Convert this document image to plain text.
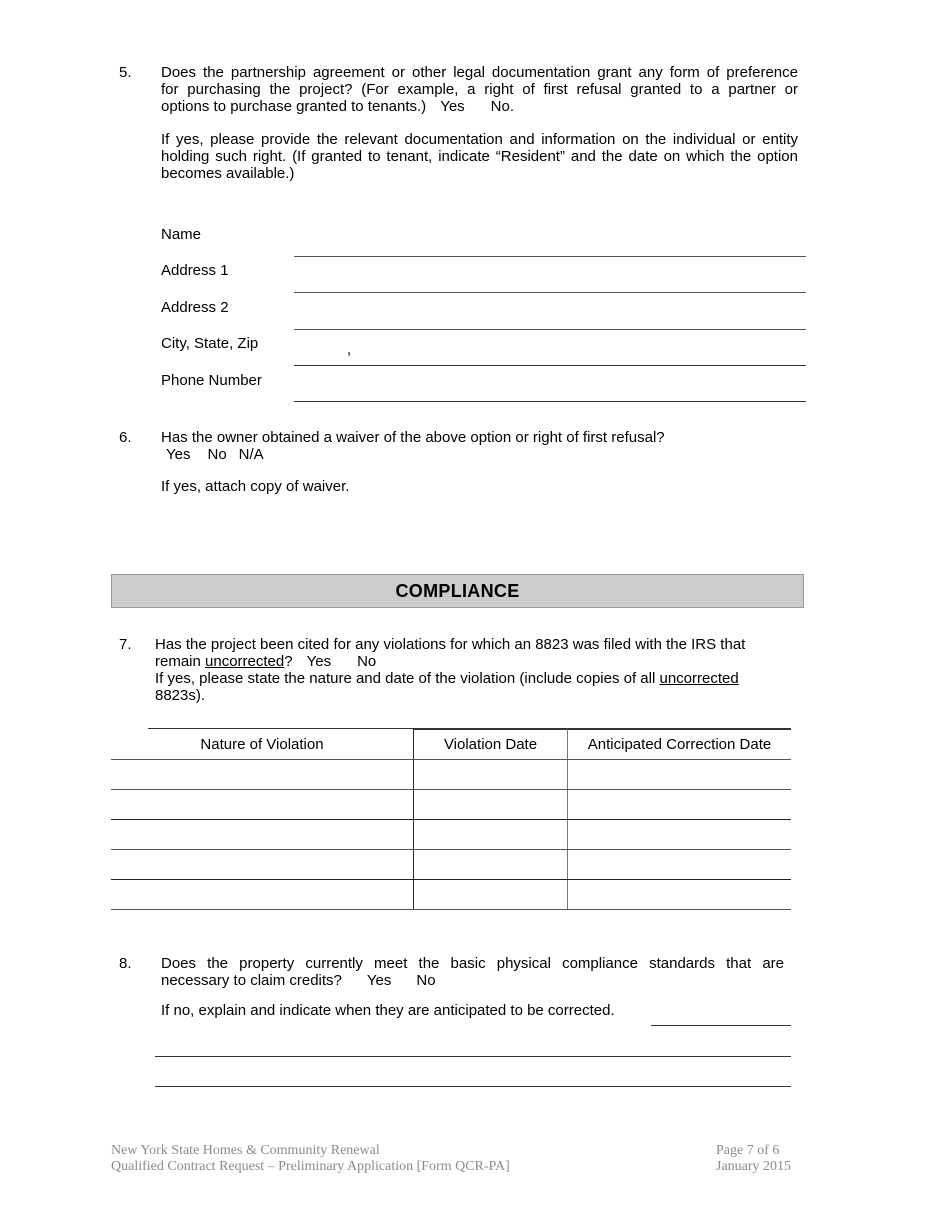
5. Does the partnership agreement or other legal documentation grant any form of preference
for purchasing the project? (For example, a right of first refusal granted to a partner or
options to purchase granted to tenants.) Yes No.
If yes, please provide the relevant documentation and information on the individual or entity
holding such right. (If granted to tenant, indicate “Resident” and the date on which the option
becomes available.)
Name
Address 1
Address 2
City, State, Zip	,
Phone Number
6. Has the owner obtained a waiver of the above option or right of first refusal?
Yes No N/A
If yes, attach copy of waiver.
COMPLIANCE
7. Has the project been cited for any violations for which an 8823 was filed with the IRS that
remain uncorrected? Yes No
If yes, please state the nature and date of the violation (include copies of all uncorrected
8823s).
Nature of Violation	Violation Date	Anticipated Correction Date

8. Does the property currently meet the basic physical compliance standards that are
necessary to claim credits? Yes No
If no, explain and indicate when they are anticipated to be corrected.
New York State Homes & Community Renewal
Qualified Contract Request – Preliminary Application [Form QCR-PA]
Page 7 of 6
January 2015
